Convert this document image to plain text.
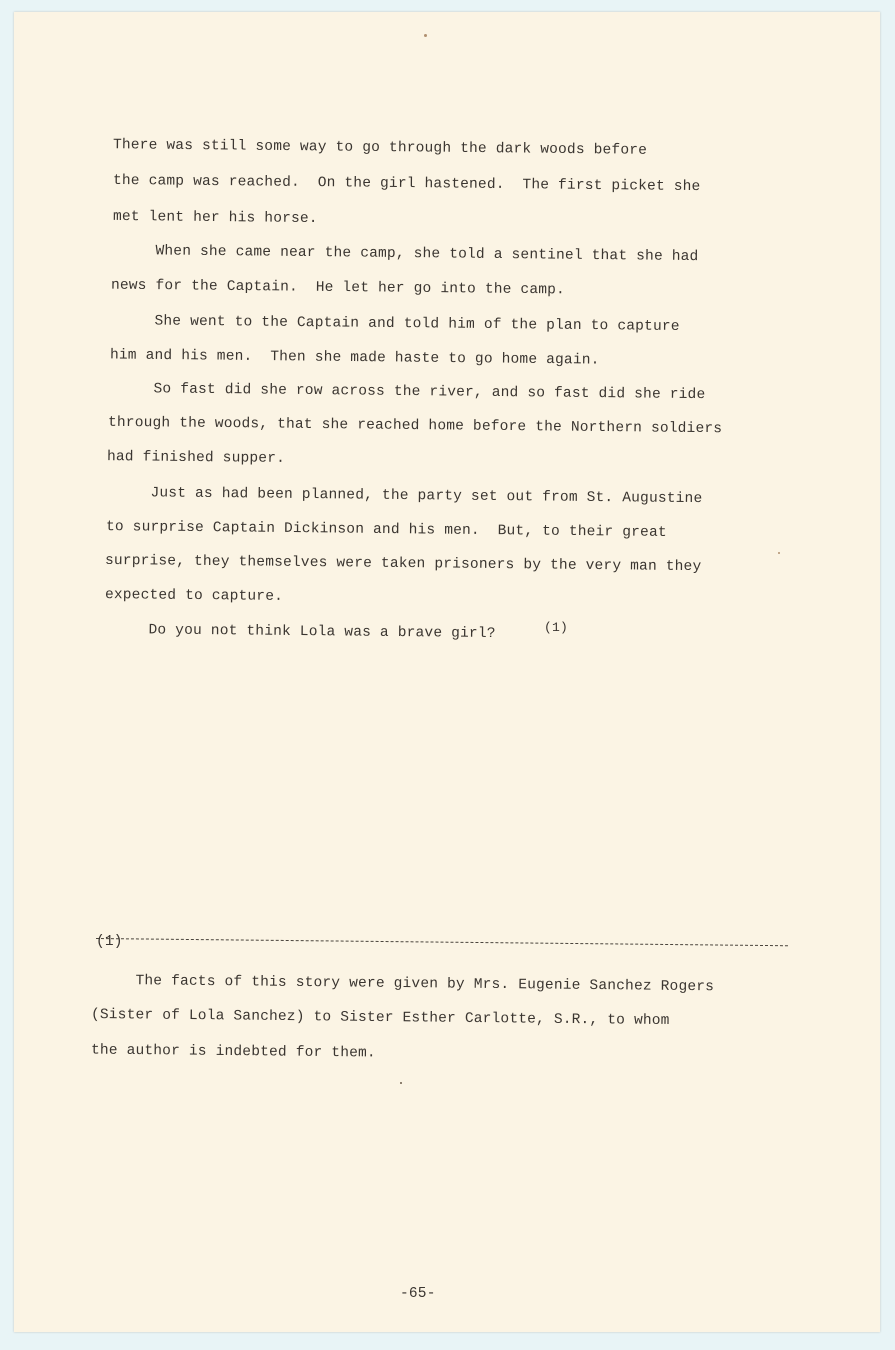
There was still some way to go through the dark woods before
the camp was reached.  On the girl hastened.  The first picket she
met lent her his horse.
When she came near the camp, she told a sentinel that she had
news for the Captain.  He let her go into the camp.
She went to the Captain and told him of the plan to capture
him and his men.  Then she made haste to go home again.
So fast did she row across the river, and so fast did she ride
through the woods, that she reached home before the Northern soldiers
had finished supper.
Just as had been planned, the party set out from St. Augustine
to surprise Captain Dickinson and his men.  But, to their great
surprise, they themselves were taken prisoners by the very man they
expected to capture.
Do you not think Lola was a brave girl?	(1)
(1)
The facts of this story were given by Mrs. Eugenie Sanchez Rogers
(Sister of Lola Sanchez) to Sister Esther Carlotte, S.R., to whom
the author is indebted for them.
-65-
